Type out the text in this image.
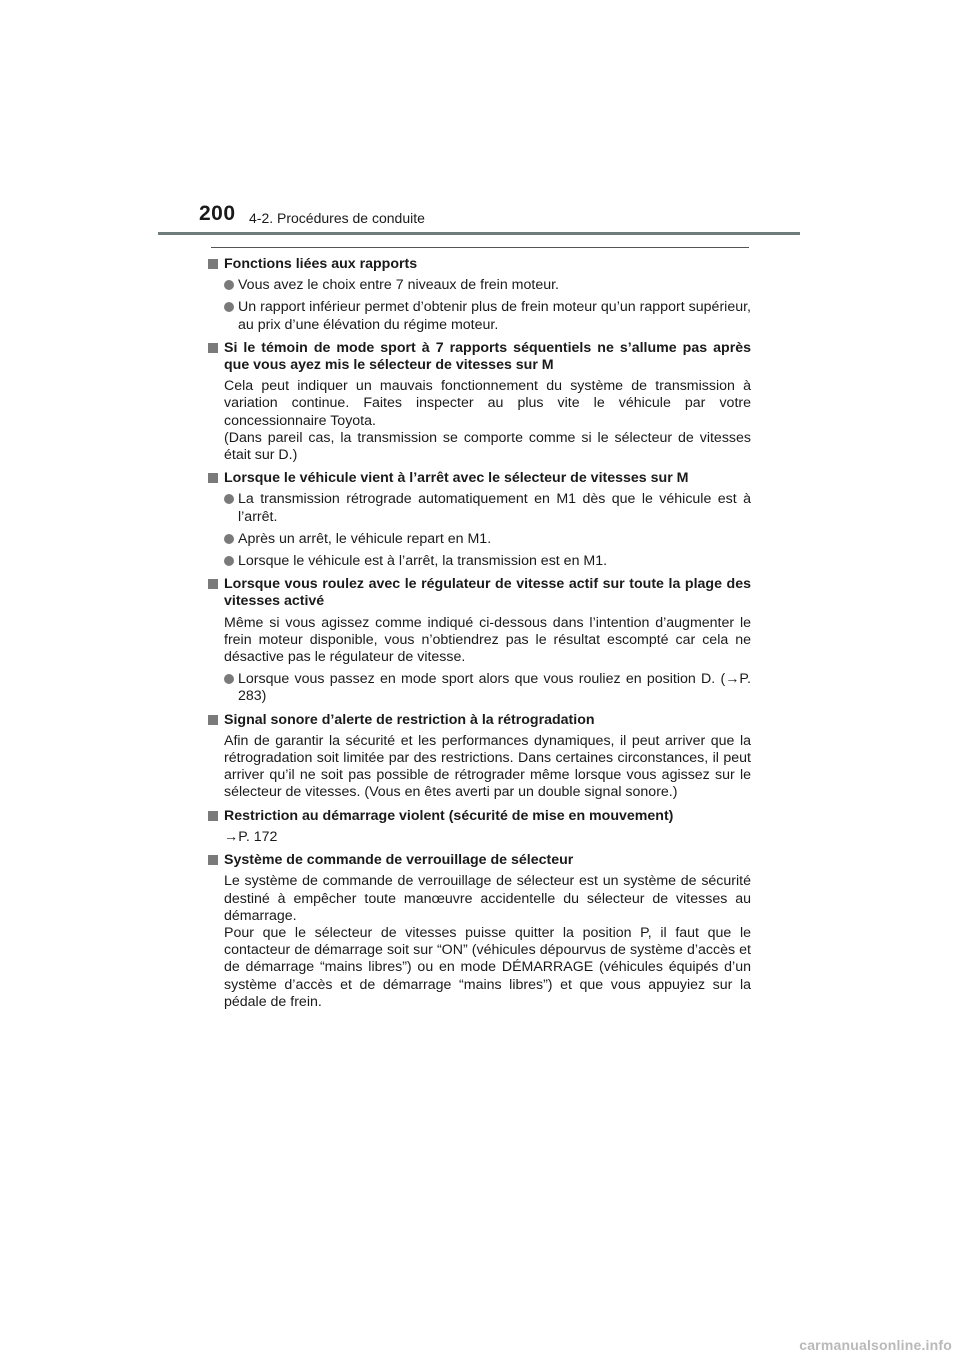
200 4-2. Procédures de conduite
Fonctions liées aux rapports
Vous avez le choix entre 7 niveaux de frein moteur.
Un rapport inférieur permet d’obtenir plus de frein moteur qu’un rapport supérieur, au prix d’une élévation du régime moteur.
Si le témoin de mode sport à 7 rapports séquentiels ne s’allume pas après que vous ayez mis le sélecteur de vitesses sur M
Cela peut indiquer un mauvais fonctionnement du système de transmission à variation continue. Faites inspecter au plus vite le véhicule par votre concessionnaire Toyota.
(Dans pareil cas, la transmission se comporte comme si le sélecteur de vitesses était sur D.)
Lorsque le véhicule vient à l’arrêt avec le sélecteur de vitesses sur M
La transmission rétrograde automatiquement en M1 dès que le véhicule est à l’arrêt.
Après un arrêt, le véhicule repart en M1.
Lorsque le véhicule est à l’arrêt, la transmission est en M1.
Lorsque vous roulez avec le régulateur de vitesse actif sur toute la plage des vitesses activé
Même si vous agissez comme indiqué ci-dessous dans l’intention d’augmenter le frein moteur disponible, vous n’obtiendrez pas le résultat escompté car cela ne désactive pas le régulateur de vitesse.
Lorsque vous passez en mode sport alors que vous rouliez en position D. (→P. 283)
Signal sonore d’alerte de restriction à la rétrogradation
Afin de garantir la sécurité et les performances dynamiques, il peut arriver que la rétrogradation soit limitée par des restrictions. Dans certaines circonstances, il peut arriver qu’il ne soit pas possible de rétrograder même lorsque vous agissez sur le sélecteur de vitesses. (Vous en êtes averti par un double signal sonore.)
Restriction au démarrage violent (sécurité de mise en mouvement)
→P. 172
Système de commande de verrouillage de sélecteur
Le système de commande de verrouillage de sélecteur est un système de sécurité destiné à empêcher toute manœuvre accidentelle du sélecteur de vitesses au démarrage.
Pour que le sélecteur de vitesses puisse quitter la position P, il faut que le contacteur de démarrage soit sur “ON” (véhicules dépourvus de système d’accès et de démarrage “mains libres”) ou en mode DÉMARRAGE (véhicules équipés d’un système d’accès et de démarrage “mains libres”) et que vous appuyiez sur la pédale de frein.
carmanualsonline.info
